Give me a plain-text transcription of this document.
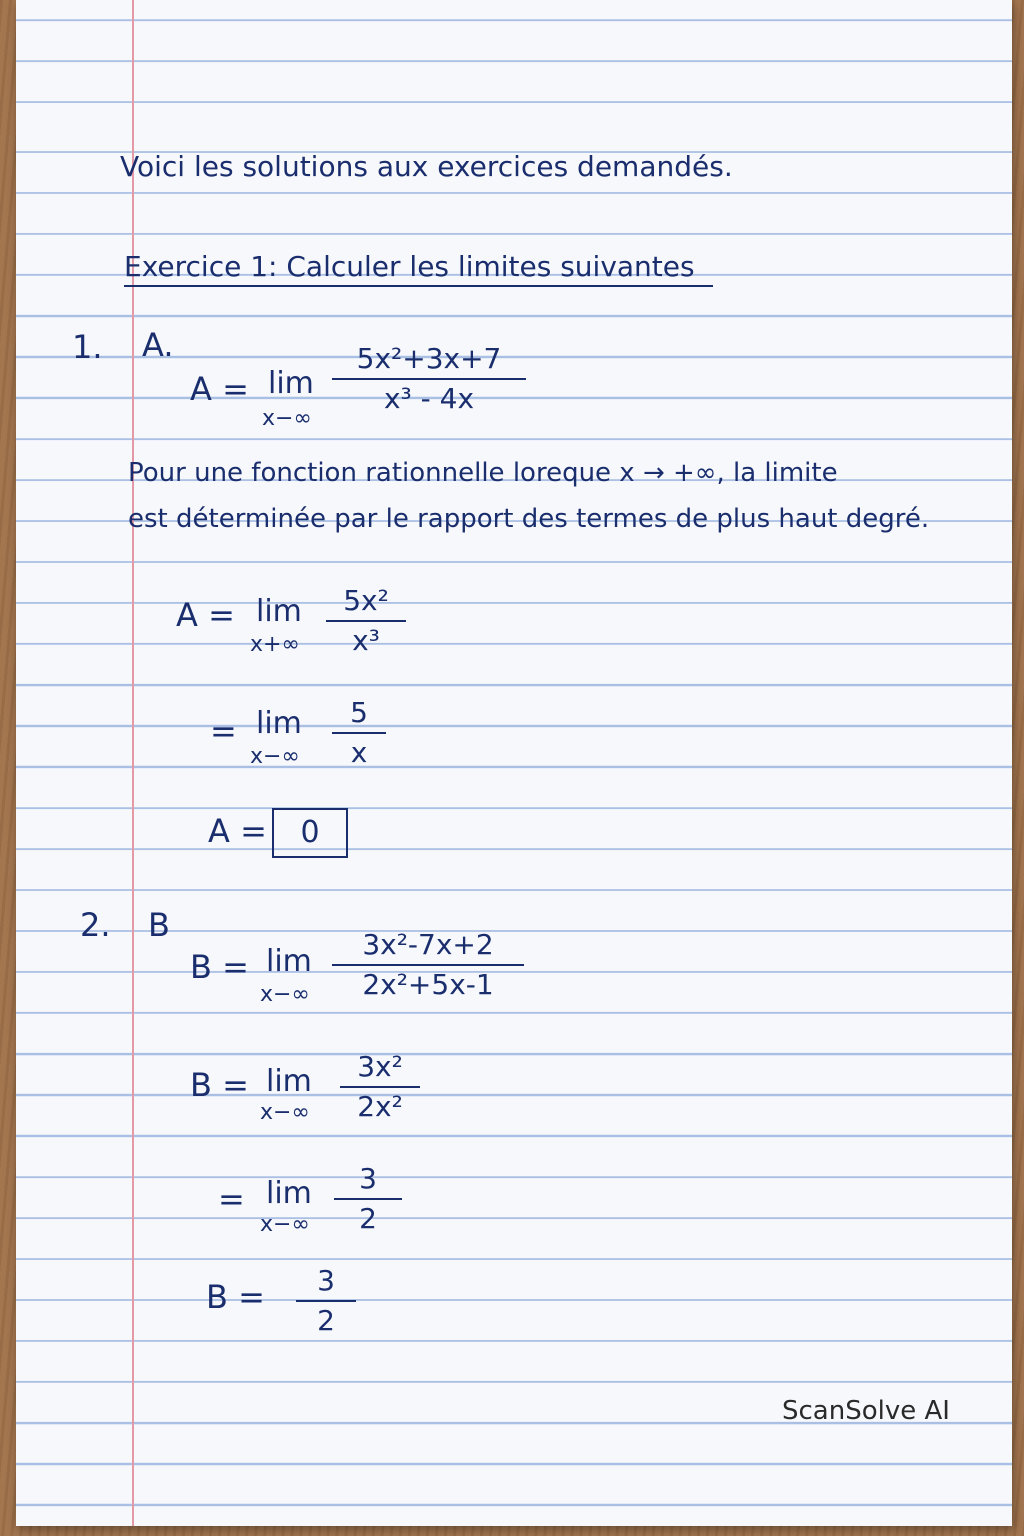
Voici les solutions aux exercices demandés.
Exercice 1: Calculer les limites suivantes
1. A.
A = lim
x−∞
$\frac{\text{5x²+3x+7}}{\text{x³ - 4x}}$
Pour une fonction rationnelle loreque x → +∞, la limite
est déterminée par le rapport des termes de plus haut degré.
A = lim
$x+\infty \frac{\text{5x²}}{\text{x³}}$
= lim
$x-\infty \frac{5}{x}$
A =	0
2. B
B = lim
$x-\infty \frac{\text{3x²-7x+2}}{\text{2x²+5x-1}}$
B = lim
$x-\infty \frac{\text{3x²}}{\text{2x²}}$
= lim
$x-\infty \frac{3}{2}$
$B = \frac{3}{2}$
ScanSolve AI
